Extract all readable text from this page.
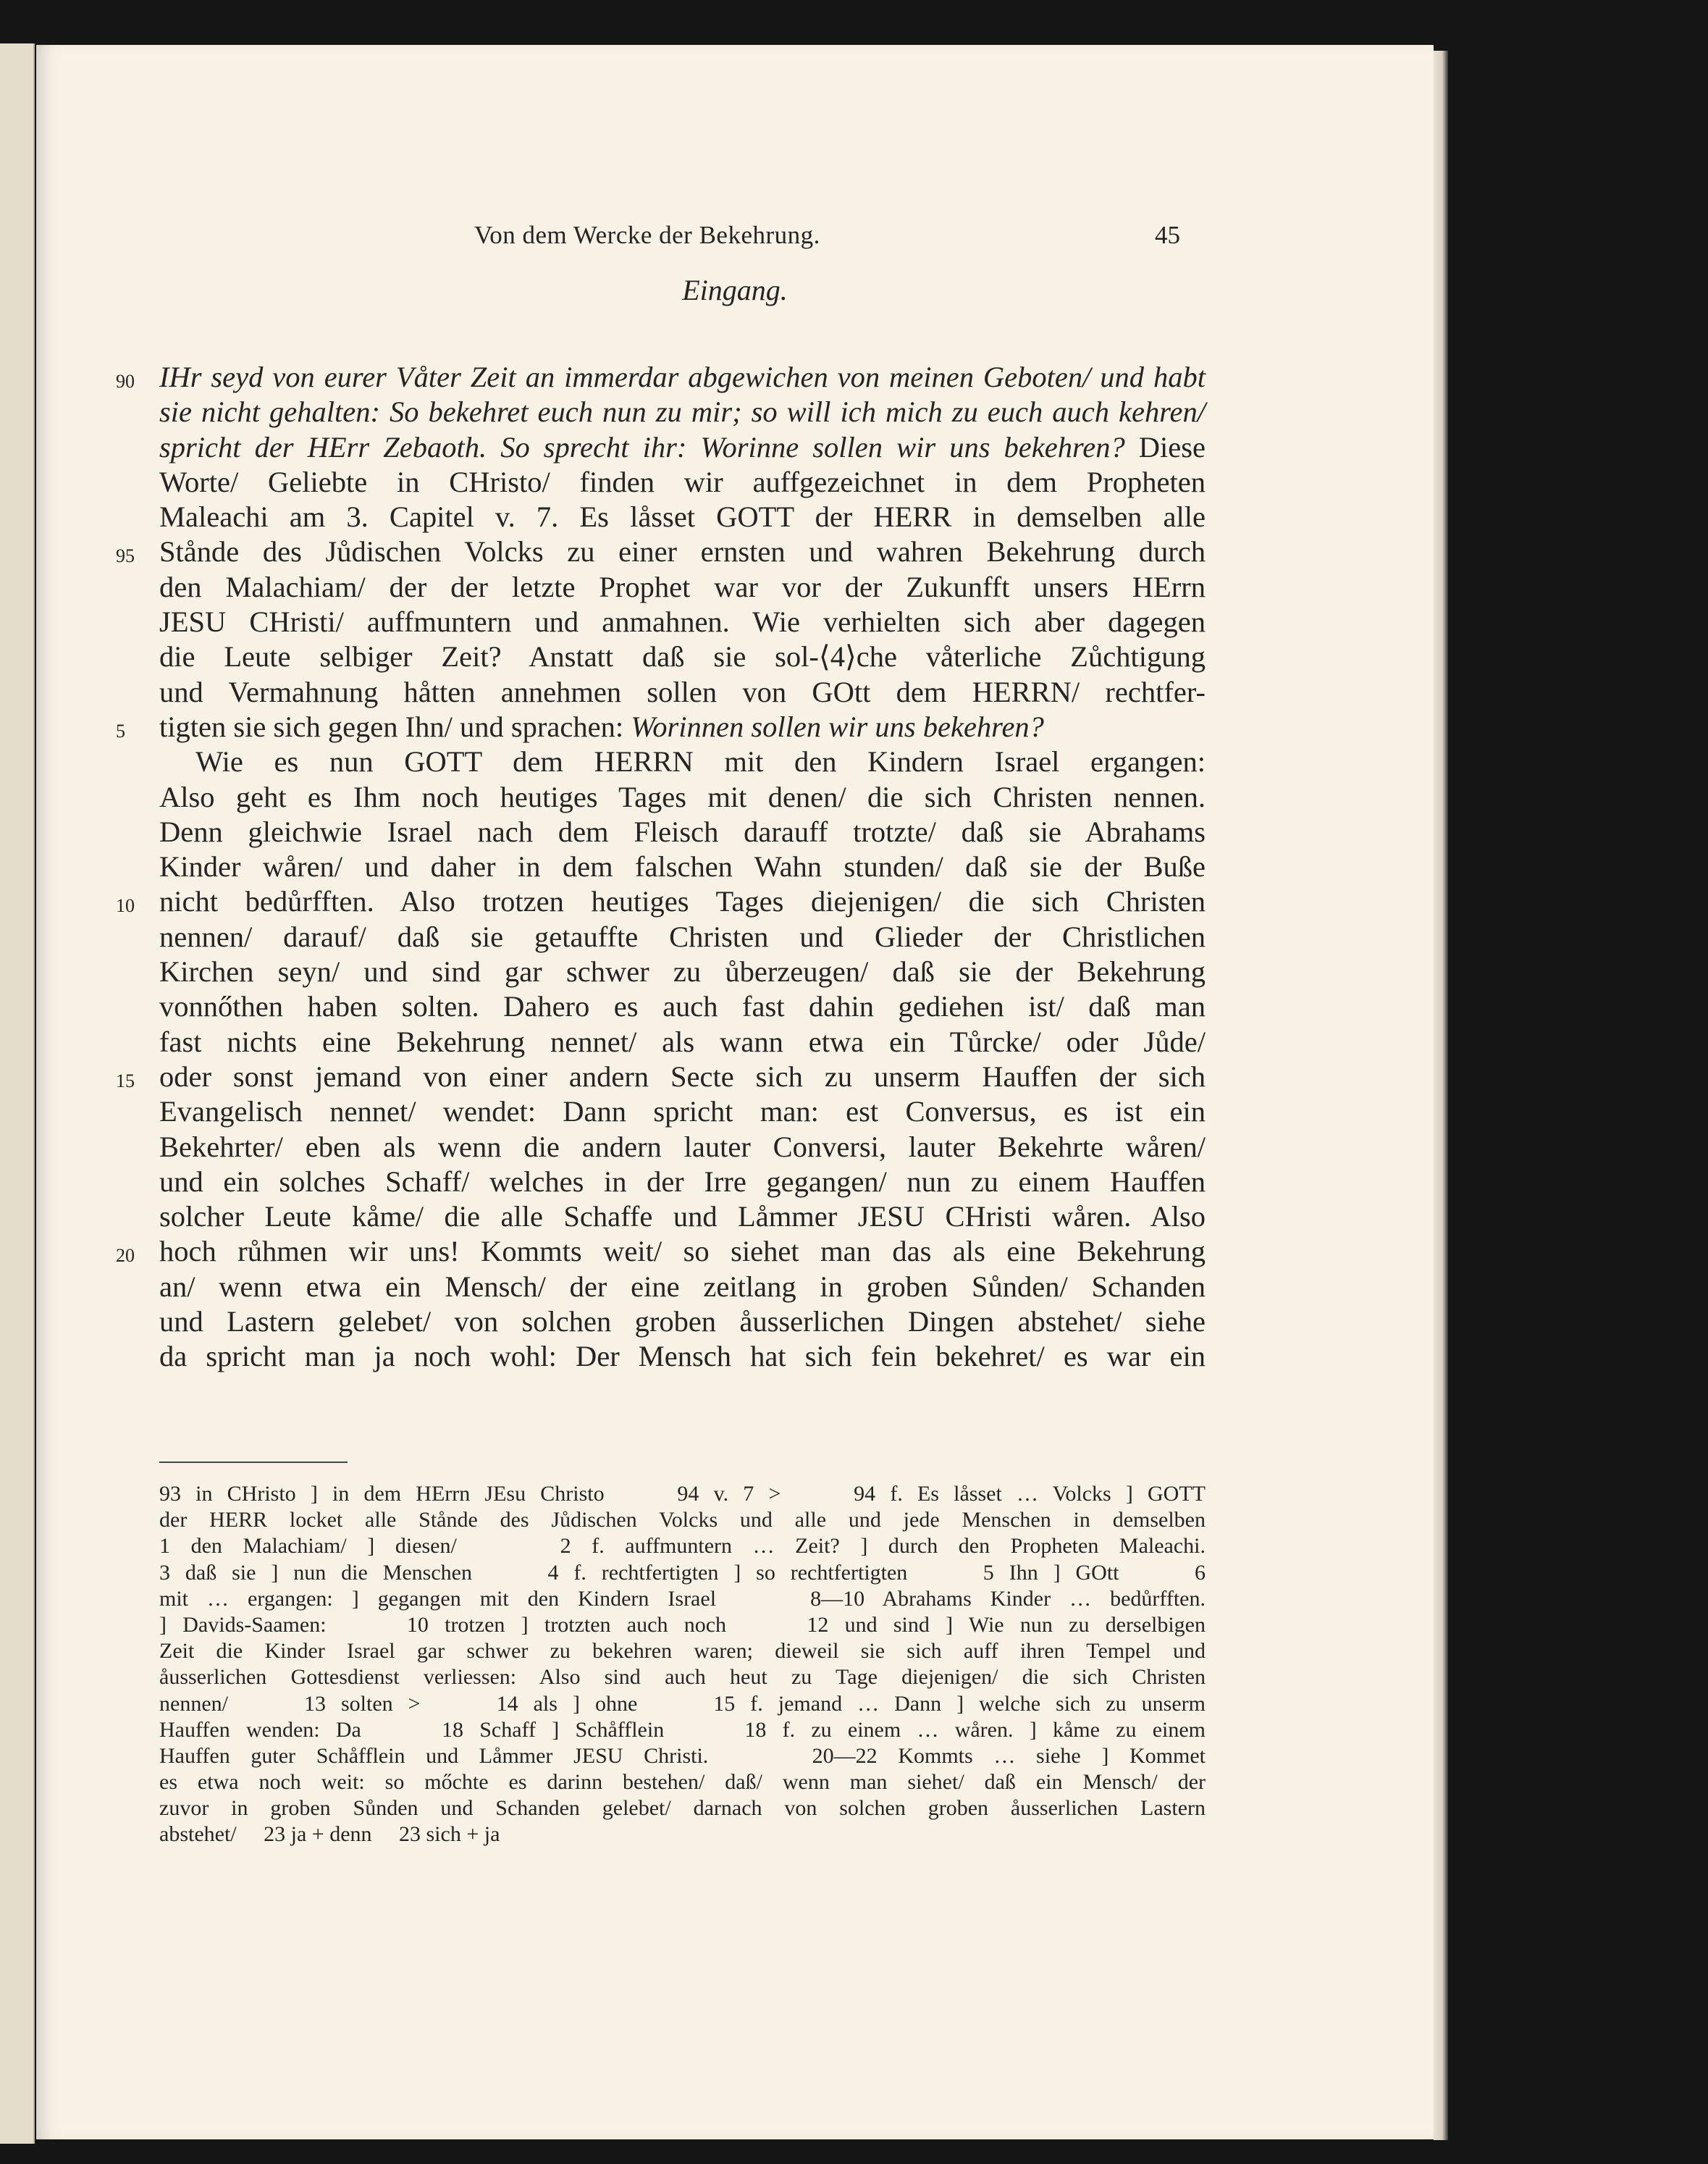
Von dem Wercke der Bekehrung.	45
Eingang.
90 IHr seyd von eurer Våter Zeit an immerdar abgewichen von meinen Geboten/ und habt
sie nicht gehalten: So bekehret euch nun zu mir; so will ich mich zu euch auch kehren/
spricht der HErr Zebaoth. So sprecht ihr: Worinne sollen wir uns bekehren? Diese
Worte/ Geliebte in CHristo/ finden wir auffgezeichnet in dem Propheten
Maleachi am 3. Capitel v. 7. Es låsset GOTT der HERR in demselben alle
95 Stånde des Jůdischen Volcks zu einer ernsten und wahren Bekehrung durch
den Malachiam/ der der letzte Prophet war vor der Zukunfft unsers HErrn
JESU CHristi/ auffmuntern und anmahnen. Wie verhielten sich aber dagegen
die Leute selbiger Zeit? Anstatt daß sie sol-⟨4⟩che våterliche Zůchtigung
und Vermahnung håtten annehmen sollen von GOtt dem HERRN/ rechtfer-
5	tigten sie sich gegen Ihn/ und sprachen: Worinnen sollen wir uns bekehren?
Wie es nun GOTT dem HERRN mit den Kindern Israel ergangen:
Also geht es Ihm noch heutiges Tages mit denen/ die sich Christen nennen.
Denn gleichwie Israel nach dem Fleisch darauff trotzte/ daß sie Abrahams
Kinder wåren/ und daher in dem falschen Wahn stunden/ daß sie der Buße
10 nicht bedůrfften. Also trotzen heutiges Tages diejenigen/ die sich Christen
nennen/ darauf/ daß sie getauffte Christen und Glieder der Christlichen
Kirchen seyn/ und sind gar schwer zu ůberzeugen/ daß sie der Bekehrung
vonnőthen haben solten. Dahero es auch fast dahin gediehen ist/ daß man
fast nichts eine Bekehrung nennet/ als wann etwa ein Tůrcke/ oder Jůde/
15 oder sonst jemand von einer andern Secte sich zu unserm Hauffen der sich
Evangelisch nennet/ wendet: Dann spricht man: est Conversus, es ist ein
Bekehrter/ eben als wenn die andern lauter Conversi, lauter Bekehrte wåren/
und ein solches Schaff/ welches in der Irre gegangen/ nun zu einem Hauffen
solcher Leute kåme/ die alle Schaffe und Låmmer JESU CHristi wåren. Also
20 hoch růhmen wir uns! Kommts weit/ so siehet man das als eine Bekehrung
an/ wenn etwa ein Mensch/ der eine zeitlang in groben Sůnden/ Schanden
und Lastern gelebet/ von solchen groben åusserlichen Dingen abstehet/ siehe
da spricht man ja noch wohl: Der Mensch hat sich fein bekehret/ es war ein
93 in CHristo ] in dem HErrn JEsu Christo     94 v. 7 >     94 f. Es låsset … Volcks ] GOTT
der HERR locket alle Stånde des Jůdischen Volcks und alle und jede Menschen in demselben
1 den Malachiam/ ] diesen/     2 f. auffmuntern … Zeit? ] durch den Propheten Maleachi.
3 daß sie ] nun die Menschen     4 f. rechtfertigten ] so rechtfertigten     5 Ihn ] GOtt     6
mit … ergangen: ] gegangen mit den Kindern Israel     8—10 Abrahams Kinder … bedůrfften.
] Davids-Saamen:     10 trotzen ] trotzten auch noch     12 und sind ] Wie nun zu derselbigen
Zeit die Kinder Israel gar schwer zu bekehren waren; dieweil sie sich auff ihren Tempel und
åusserlichen Gottesdienst verliessen: Also sind auch heut zu Tage diejenigen/ die sich Christen
nennen/     13 solten >     14 als ] ohne     15 f. jemand … Dann ] welche sich zu unserm
Hauffen wenden: Da     18 Schaff ] Schåfflein     18 f. zu einem … wåren. ] kåme zu einem
Hauffen guter Schåfflein und Låmmer JESU Christi.     20—22 Kommts … siehe ] Kommet
es etwa noch weit: so mőchte es darinn bestehen/ daß/ wenn man siehet/ daß ein Mensch/ der
zuvor in groben Sůnden und Schanden gelebet/ darnach von solchen groben åusserlichen Lastern
abstehet/     23 ja + denn     23 sich + ja
